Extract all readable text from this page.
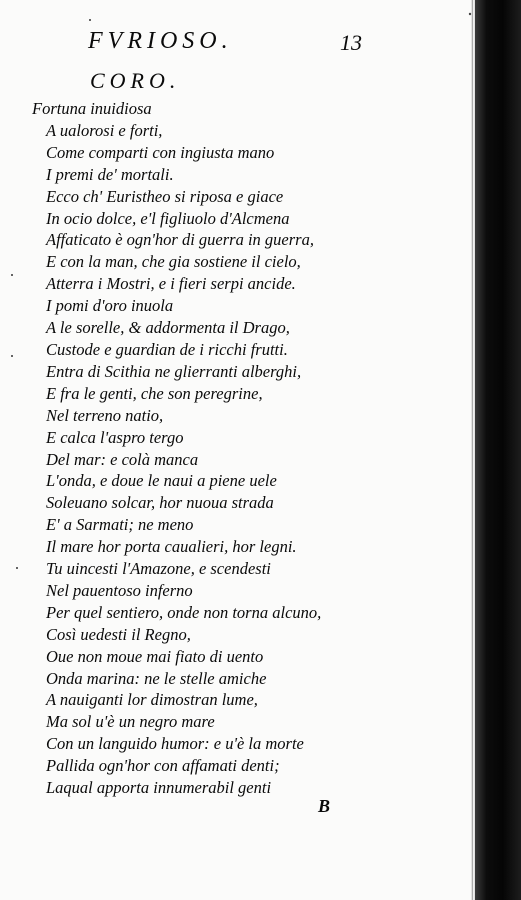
FVRIOSO.	13
CORO.
Fortuna inuidiosa
A ualorosi e forti,
Come comparti con ingiusta mano
I premi de' mortali.
Ecco ch' Euristheo si riposa e giace
In ocio dolce, e'l figliuolo d'Alcmena
Affaticato è ogn'hor di guerra in guerra,
E con la man, che gia sostiene il cielo,
Atterra i Mostri, e i fieri serpi ancide.
I pomi d'oro inuola
A le sorelle, & addormenta il Drago,
Custode e guardian de i ricchi frutti.
Entra di Scithia ne glierranti alberghi,
E fra le genti, che son peregrine,
Nel terreno natio,
E calca l'aspro tergo
Del mar: e colà manca
L'onda, e doue le naui a piene uele
Soleuano solcar, hor nuoua strada
E' a Sarmati; ne meno
Il mare hor porta caualieri, hor legni.
Tu uincesti l'Amazone, e scendesti
Nel pauentoso inferno
Per quel sentiero, onde non torna alcuno,
Così uedesti il Regno,
Oue non moue mai fiato di uento
Onda marina: ne le stelle amiche
A nauiganti lor dimostran lume,
Ma sol u'è un negro mare
Con un languido humor: e u'è la morte
Pallida ogn'hor con affamati denti;
Laqual apporta innumerabil genti
B
